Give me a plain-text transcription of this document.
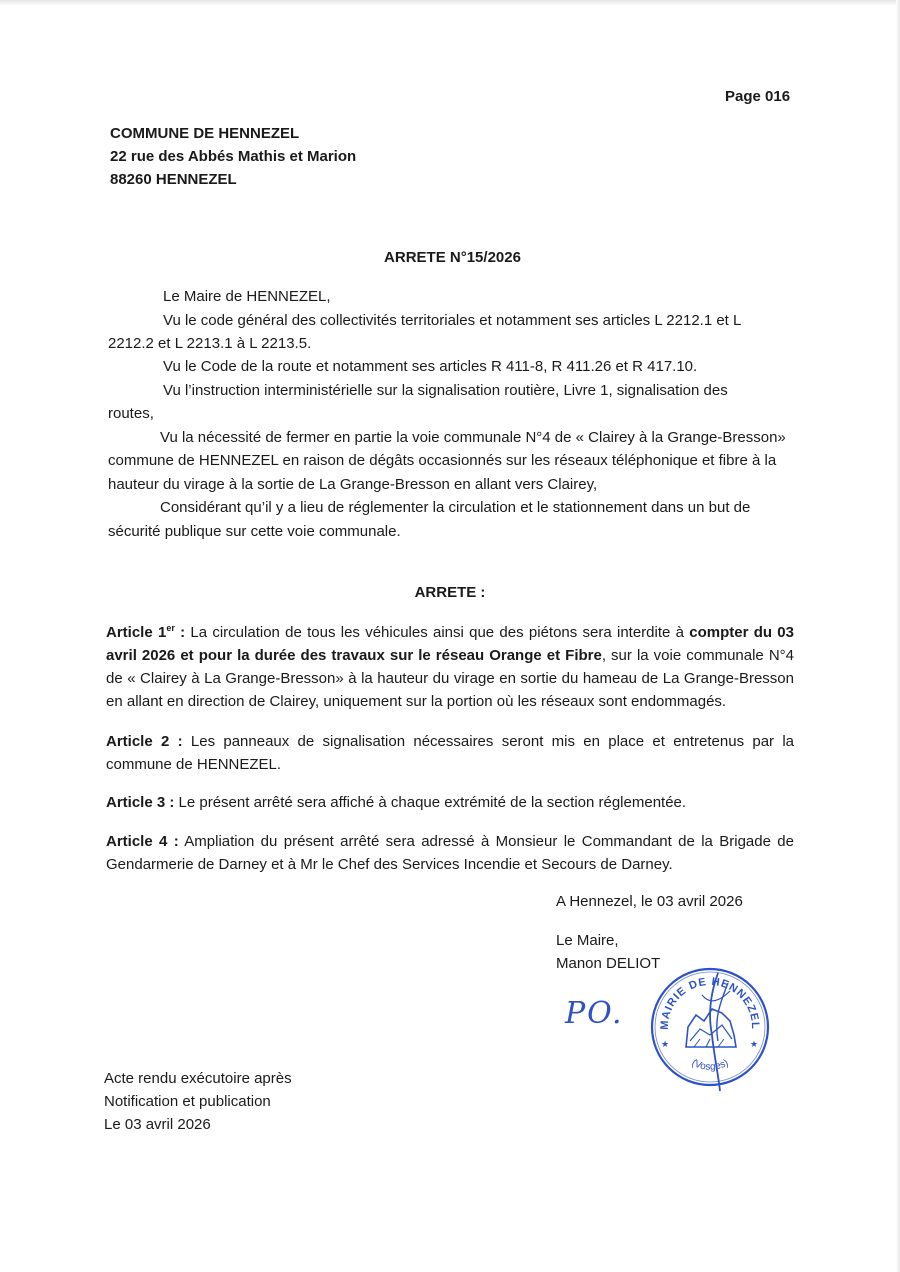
Page 016
COMMUNE DE HENNEZEL
22 rue des Abbés Mathis et Marion
88260 HENNEZEL
ARRETE N°15/2026
Le Maire de HENNEZEL,
Vu le code général des collectivités territoriales et notamment ses articles L 2212.1 et L
2212.2 et L 2213.1 à L 2213.5.
Vu le Code de la route et notamment ses articles R 411-8, R 411.26 et R 417.10.
Vu l’instruction interministérielle sur la signalisation routière, Livre 1, signalisation des
routes,
Vu la nécessité de fermer en partie la voie communale N°4 de « Clairey à la Grange-Bresson»
commune de HENNEZEL en raison de dégâts occasionnés sur les réseaux téléphonique et fibre à la
hauteur du virage à la sortie de La Grange-Bresson en allant vers Clairey,
Considérant qu’il y a lieu de réglementer la circulation et le stationnement dans un but de
sécurité publique sur cette voie communale.
ARRETE :
Article 1er : La circulation de tous les véhicules ainsi que des piétons sera interdite à compter du 03 avril 2026 et pour la durée des travaux sur le réseau Orange et Fibre, sur la voie communale N°4 de « Clairey à La Grange-Bresson» à la hauteur du virage en sortie du hameau de La Grange-Bresson en allant en direction de Clairey, uniquement sur la portion où les réseaux sont endommagés.
Article 2 : Les panneaux de signalisation nécessaires seront mis en place et entretenus par la commune de HENNEZEL.
Article 3 : Le présent arrêté sera affiché à chaque extrémité de la section réglementée.
Article 4 : Ampliation du présent arrêté sera adressé à Monsieur le Commandant de la Brigade de Gendarmerie de Darney et à Mr le Chef des Services Incendie et Secours de Darney.
A Hennezel, le 03 avril 2026
Le Maire,
Manon DELIOT
PO.	MAIRIE DE HENNEZEL
(Vosges)
★	★
Acte rendu exécutoire après
Notification et publication
Le 03 avril 2026
